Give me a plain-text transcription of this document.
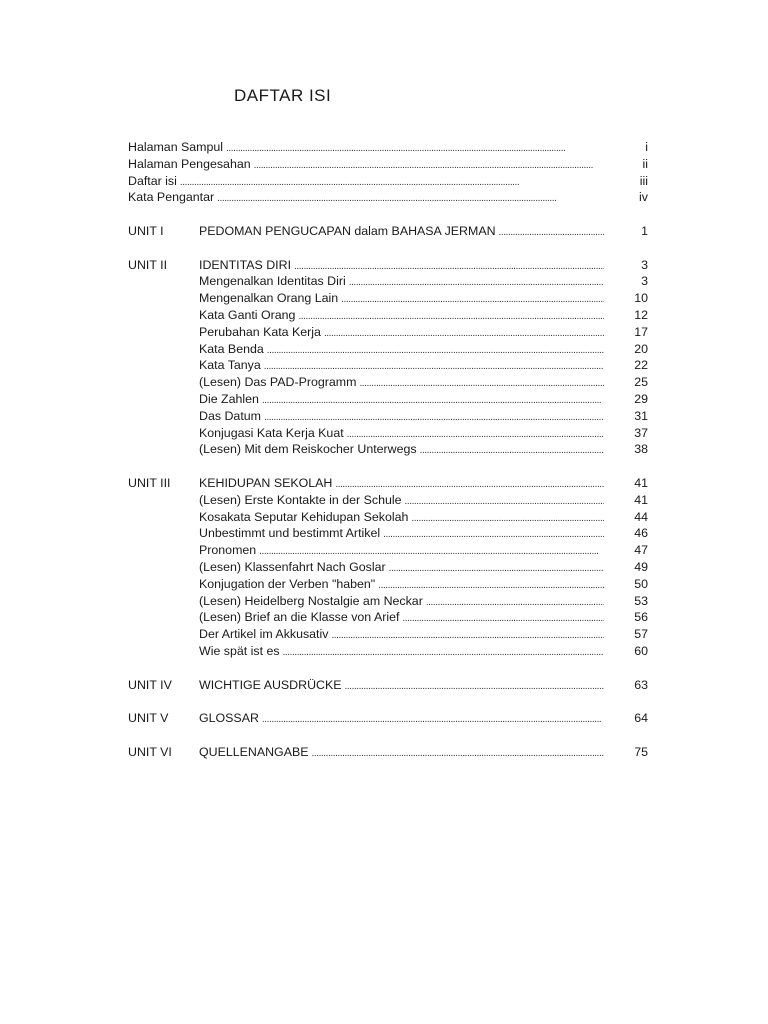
DAFTAR ISI
Halaman Sampul . . .	i
Halaman Pengesahan . . .	ii
Daftar isi . . .	iii
Kata Pengantar . . .	iv
UNIT I	PEDOMAN PENGUCAPAN dalam BAHASA JERMAN . . .	1
UNIT II	IDENTITAS DIRI . . .	3
Mengenalkan Identitas Diri . . .	3
Mengenalkan Orang Lain . . .	10
Kata Ganti Orang . . .	12
Perubahan Kata Kerja . . .	17
Kata Benda . . .	20
Kata Tanya . . .	22
(Lesen) Das PAD-Programm . . .	25
Die Zahlen . . .	29
Das Datum . . .	31
Konjugasi Kata Kerja Kuat . . .	37
(Lesen) Mit dem Reiskocher Unterwegs . . .	38
UNIT III	KEHIDUPAN SEKOLAH . . .	41
(Lesen) Erste Kontakte in der Schule . . .	41
Kosakata Seputar Kehidupan Sekolah . . .	44
Unbestimmt und bestimmt Artikel . . .	46
Pronomen . . .	47
(Lesen) Klassenfahrt Nach Goslar . . .	49
Konjugation der Verben "haben" . . .	50
(Lesen) Heidelberg Nostalgie am Neckar . . .	53
(Lesen) Brief an die Klasse von Arief . . .	56
Der Artikel im Akkusativ . . .	57
Wie spät ist es . . .	60
UNIT IV	WICHTIGE AUSDRÜCKE . . .	63
UNIT V	GLOSSAR . . .	64
UNIT VI	QUELLENANGABE . . .	75
